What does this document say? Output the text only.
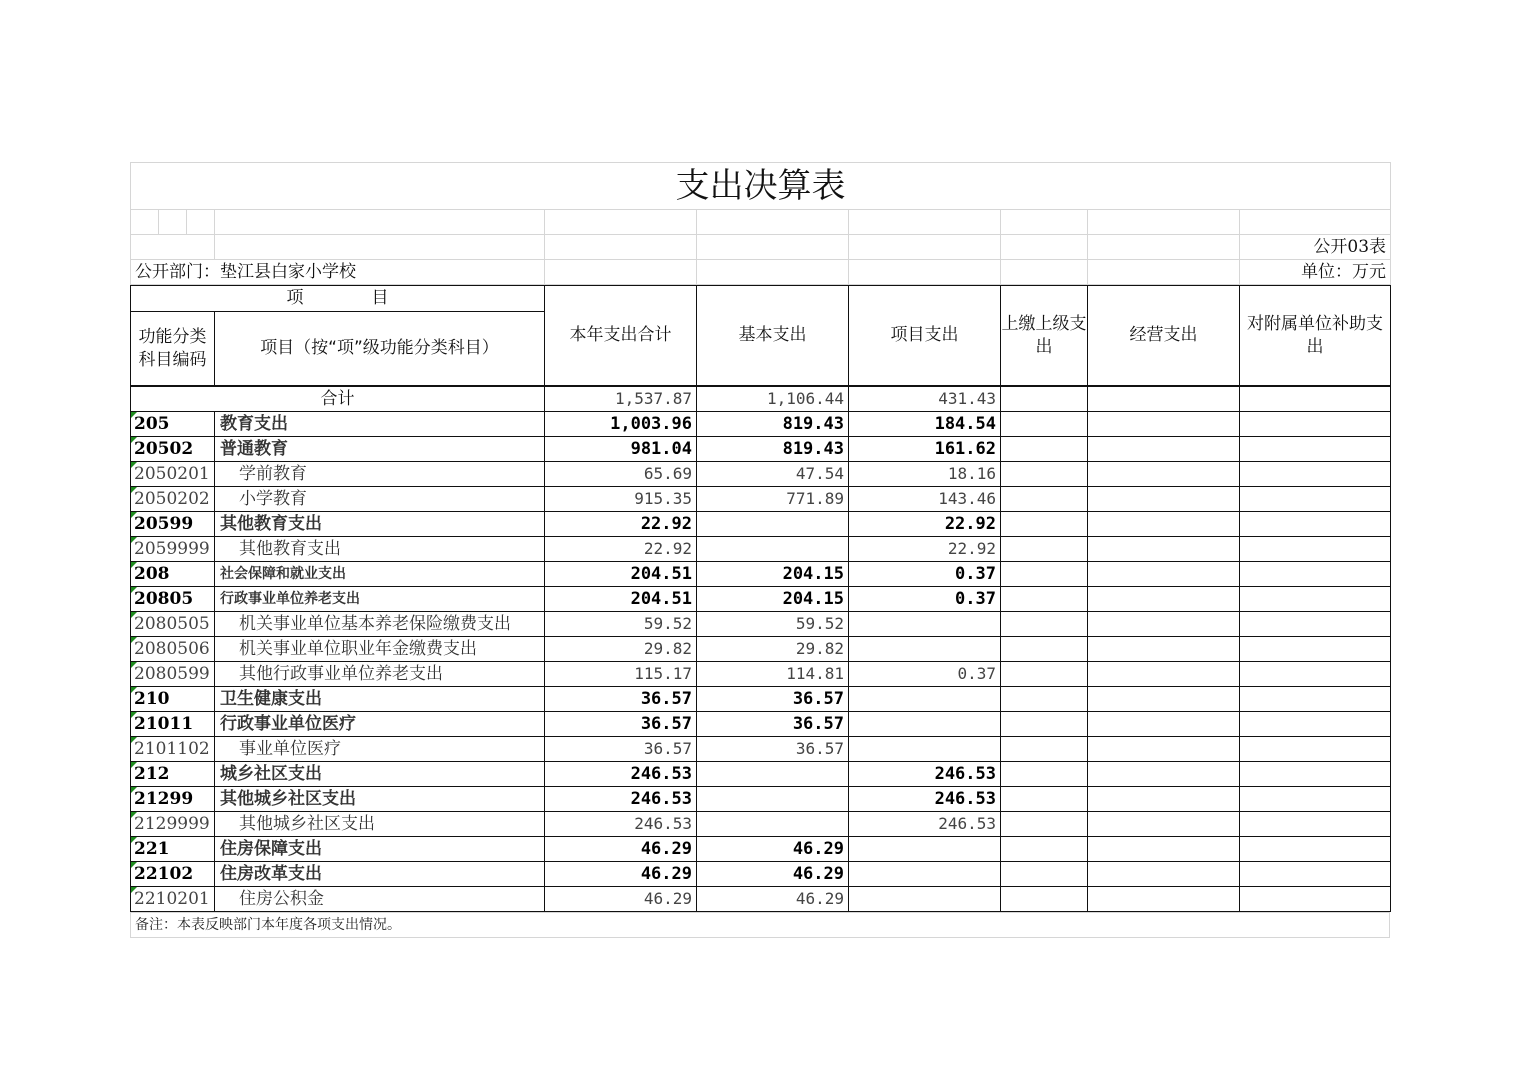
支出决算表									

									公开03表
公开部门：垫江县白家小学校									单位：万元
项　　　　目		本年支出合计	基本支出	项目支出	上缴上级支出	经营支出	对附属单位补助支出
功能分类科目编码	项目（按“项”级功能分类科目）						
合计		1,537.87	1,106.44	431.43			
205	教育支出	1,003.96	819.43	184.54			
20502	普通教育	981.04	819.43	161.62			
2050201	学前教育	65.69	47.54	18.16			
2050202	小学教育	915.35	771.89	143.46			
20599	其他教育支出	22.92		22.92			
2059999	其他教育支出	22.92		22.92			
208	社会保障和就业支出	204.51	204.15	0.37			
20805	行政事业单位养老支出	204.51	204.15	0.37			
2080505	机关事业单位基本养老保险缴费支出	59.52	59.52				
2080506	机关事业单位职业年金缴费支出	29.82	29.82				
2080599	其他行政事业单位养老支出	115.17	114.81	0.37			
210	卫生健康支出	36.57	36.57				
21011	行政事业单位医疗	36.57	36.57				
2101102	事业单位医疗	36.57	36.57				
212	城乡社区支出	246.53		246.53			
21299	其他城乡社区支出	246.53		246.53			
2129999	其他城乡社区支出	246.53		246.53			
221	住房保障支出	46.29	46.29				
22102	住房改革支出	46.29	46.29				
2210201	住房公积金	46.29	46.29				
备注：本表反映部门本年度各项支出情况。
